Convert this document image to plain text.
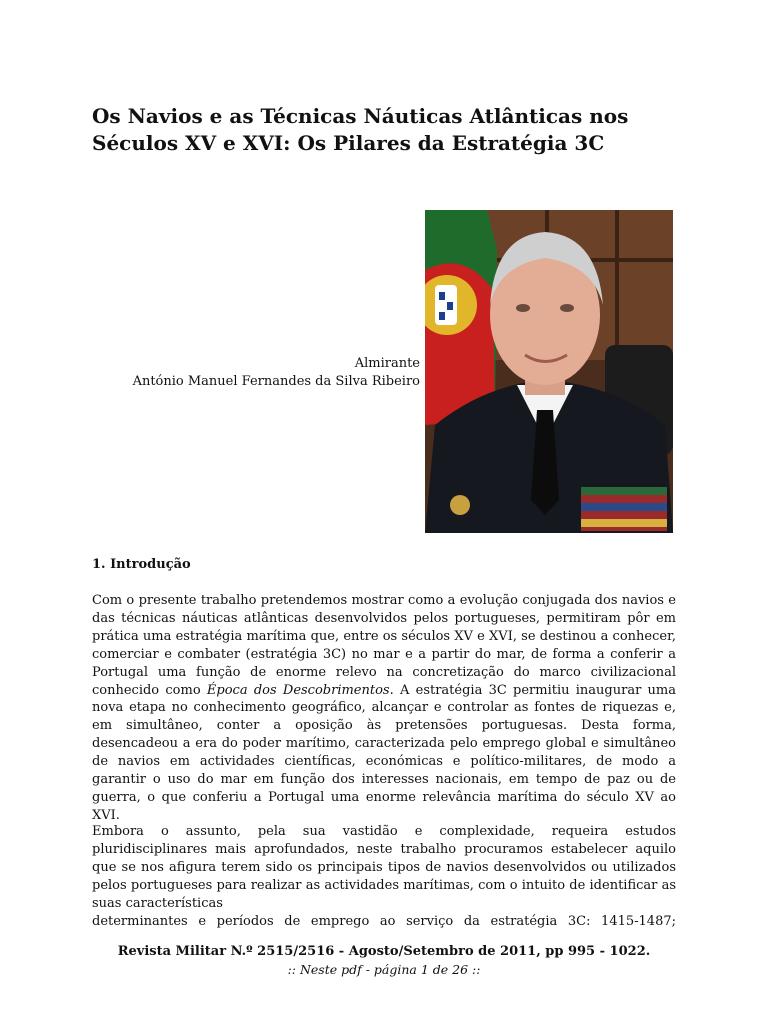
Os Navios e as Técnicas Náuticas Atlânticas nos
Séculos XV e XVI: Os Pilares da Estratégia 3C
Almirante
António Manuel Fernandes da Silva Ribeiro
1. Introdução

Com o presente trabalho pretendemos mostrar como a evolução conjugada dos navios e das técnicas náuticas atlânticas desenvolvidos pelos portugueses, permitiram pôr em prática uma estratégia marítima que, entre os séculos XV e XVI, se destinou a conhecer, comerciar e combater (estratégia 3C) no mar e a partir do mar, de forma a conferir a Portugal uma função de enorme relevo na concretização do marco civilizacional conhecido como Época dos Descobrimentos. A estratégia 3C permitiu inaugurar uma nova etapa no conhecimento geográfico, alcançar e controlar as fontes de riquezas e, em simultâneo, conter a oposição às pretensões portuguesas. Desta forma, desencadeou a era do poder marítimo, caracterizada pelo emprego global e simultâneo de navios em actividades científicas, económicas e político-militares, de modo a garantir o uso do mar em função dos interesses nacionais, em tempo de paz ou de guerra, o que conferiu a Portugal uma enorme relevância marítima do século XV ao XVI.

Embora o assunto, pela sua vastidão e complexidade, requeira estudos pluridisciplinares mais aprofundados, neste trabalho procuramos estabelecer aquilo que se nos afigura terem sido os principais tipos de navios desenvolvidos ou utilizados pelos portugueses para realizar as actividades marítimas, com o intuito de identificar as suas características
determinantes e períodos de emprego ao serviço da estratégia 3C: 1415-1487;

Revista Militar N.º 2515/2516 - Agosto/Setembro de 2011, pp 995 - 1022.
:: Neste pdf - página 1 de 26 ::
